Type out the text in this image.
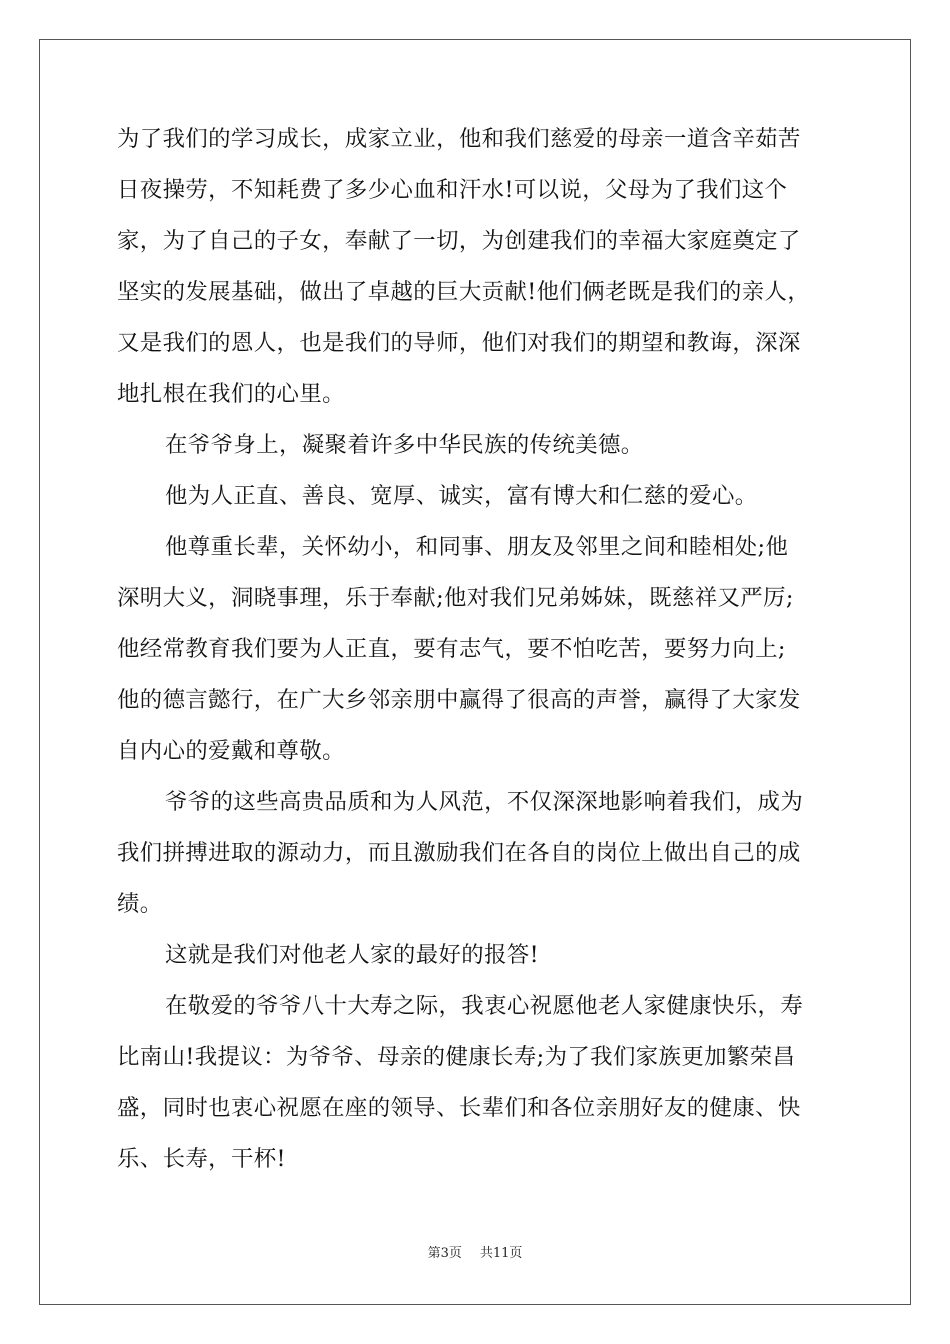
为了我们的学习成长，成家立业，他和我们慈爱的母亲一道含辛茹苦
日夜操劳，不知耗费了多少心血和汗水!可以说，父母为了我们这个
家，为了自己的子女，奉献了一切，为创建我们的幸福大家庭奠定了
坚实的发展基础，做出了卓越的巨大贡献!他们俩老既是我们的亲人，
又是我们的恩人，也是我们的导师，他们对我们的期望和教诲，深深
地扎根在我们的心里。
在爷爷身上，凝聚着许多中华民族的传统美德。
他为人正直、善良、宽厚、诚实，富有博大和仁慈的爱心。
他尊重长辈，关怀幼小，和同事、朋友及邻里之间和睦相处;他
深明大义，洞晓事理，乐于奉献;他对我们兄弟姊妹，既慈祥又严厉;
他经常教育我们要为人正直，要有志气，要不怕吃苦，要努力向上;
他的德言懿行，在广大乡邻亲朋中赢得了很高的声誉，赢得了大家发
自内心的爱戴和尊敬。
爷爷的这些高贵品质和为人风范，不仅深深地影响着我们，成为
我们拼搏进取的源动力，而且激励我们在各自的岗位上做出自己的成
绩。
这就是我们对他老人家的最好的报答!
在敬爱的爷爷八十大寿之际，我衷心祝愿他老人家健康快乐，寿
比南山!我提议：为爷爷、母亲的健康长寿;为了我们家族更加繁荣昌
盛，同时也衷心祝愿在座的领导、长辈们和各位亲朋好友的健康、快
乐、长寿，干杯!
第3页 共11页
